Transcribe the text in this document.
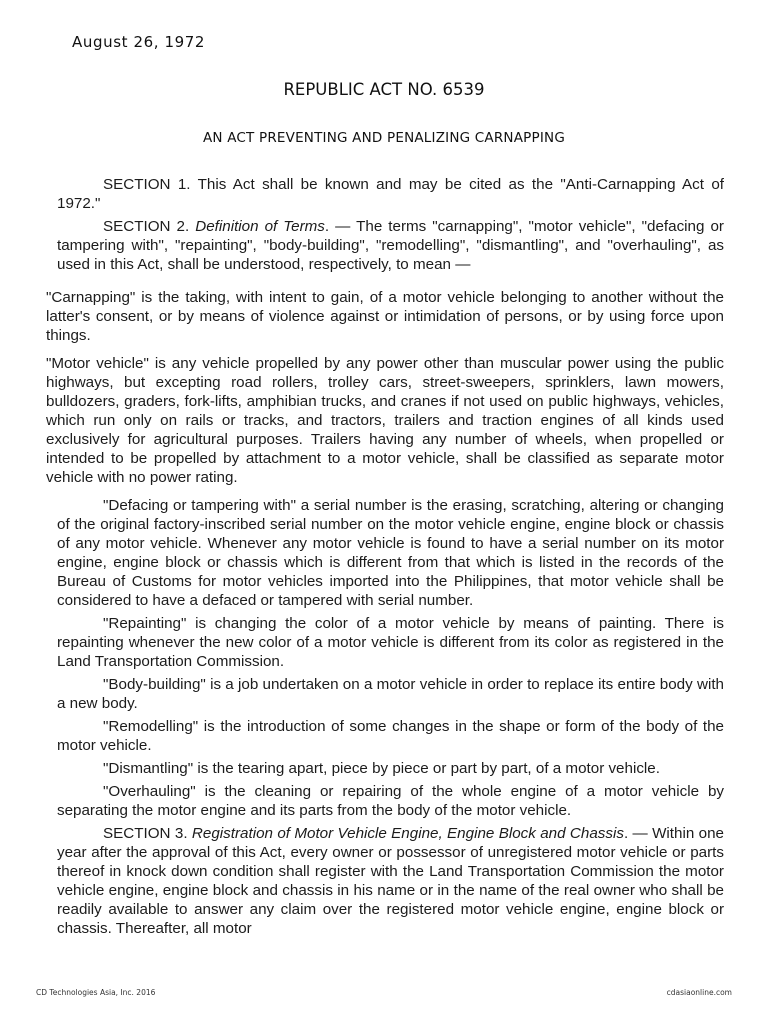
August 26, 1972
REPUBLIC ACT NO. 6539
AN ACT PREVENTING AND PENALIZING CARNAPPING

SECTION 1. This Act shall be known and may be cited as the "Anti-Carnapping Act of 1972."

SECTION 2. Definition of Terms. — The terms "carnapping", "motor vehicle", "defacing or tampering with", "repainting", "body-building", "remodelling", "dismantling", and "overhauling", as used in this Act, shall be understood, respectively, to mean —

"Carnapping" is the taking, with intent to gain, of a motor vehicle belonging to another without the latter's consent, or by means of violence against or intimidation of persons, or by using force upon things.

"Motor vehicle" is any vehicle propelled by any power other than muscular power using the public highways, but excepting road rollers, trolley cars, street-sweepers, sprinklers, lawn mowers, bulldozers, graders, fork-lifts, amphibian trucks, and cranes if not used on public highways, vehicles, which run only on rails or tracks, and tractors, trailers and traction engines of all kinds used exclusively for agricultural purposes. Trailers having any number of wheels, when propelled or intended to be propelled by attachment to a motor vehicle, shall be classified as separate motor vehicle with no power rating.

"Defacing or tampering with" a serial number is the erasing, scratching, altering or changing of the original factory-inscribed serial number on the motor vehicle engine, engine block or chassis of any motor vehicle. Whenever any motor vehicle is found to have a serial number on its motor engine, engine block or chassis which is different from that which is listed in the records of the Bureau of Customs for motor vehicles imported into the Philippines, that motor vehicle shall be considered to have a defaced or tampered with serial number.

"Repainting" is changing the color of a motor vehicle by means of painting. There is repainting whenever the new color of a motor vehicle is different from its color as registered in the Land Transportation Commission.

"Body-building" is a job undertaken on a motor vehicle in order to replace its entire body with a new body.

"Remodelling" is the introduction of some changes in the shape or form of the body of the motor vehicle.

"Dismantling" is the tearing apart, piece by piece or part by part, of a motor vehicle.

"Overhauling" is the cleaning or repairing of the whole engine of a motor vehicle by separating the motor engine and its parts from the body of the motor vehicle.

SECTION 3. Registration of Motor Vehicle Engine, Engine Block and Chassis. — Within one year after the approval of this Act, every owner or possessor of unregistered motor vehicle or parts thereof in knock down condition shall register with the Land Transportation Commission the motor vehicle engine, engine block and chassis in his name or in the name of the real owner who shall be readily available to answer any claim over the registered motor vehicle engine, engine block or chassis. Thereafter, all motor

CD Technologies Asia, Inc. 2016	cdasiaonline.com
